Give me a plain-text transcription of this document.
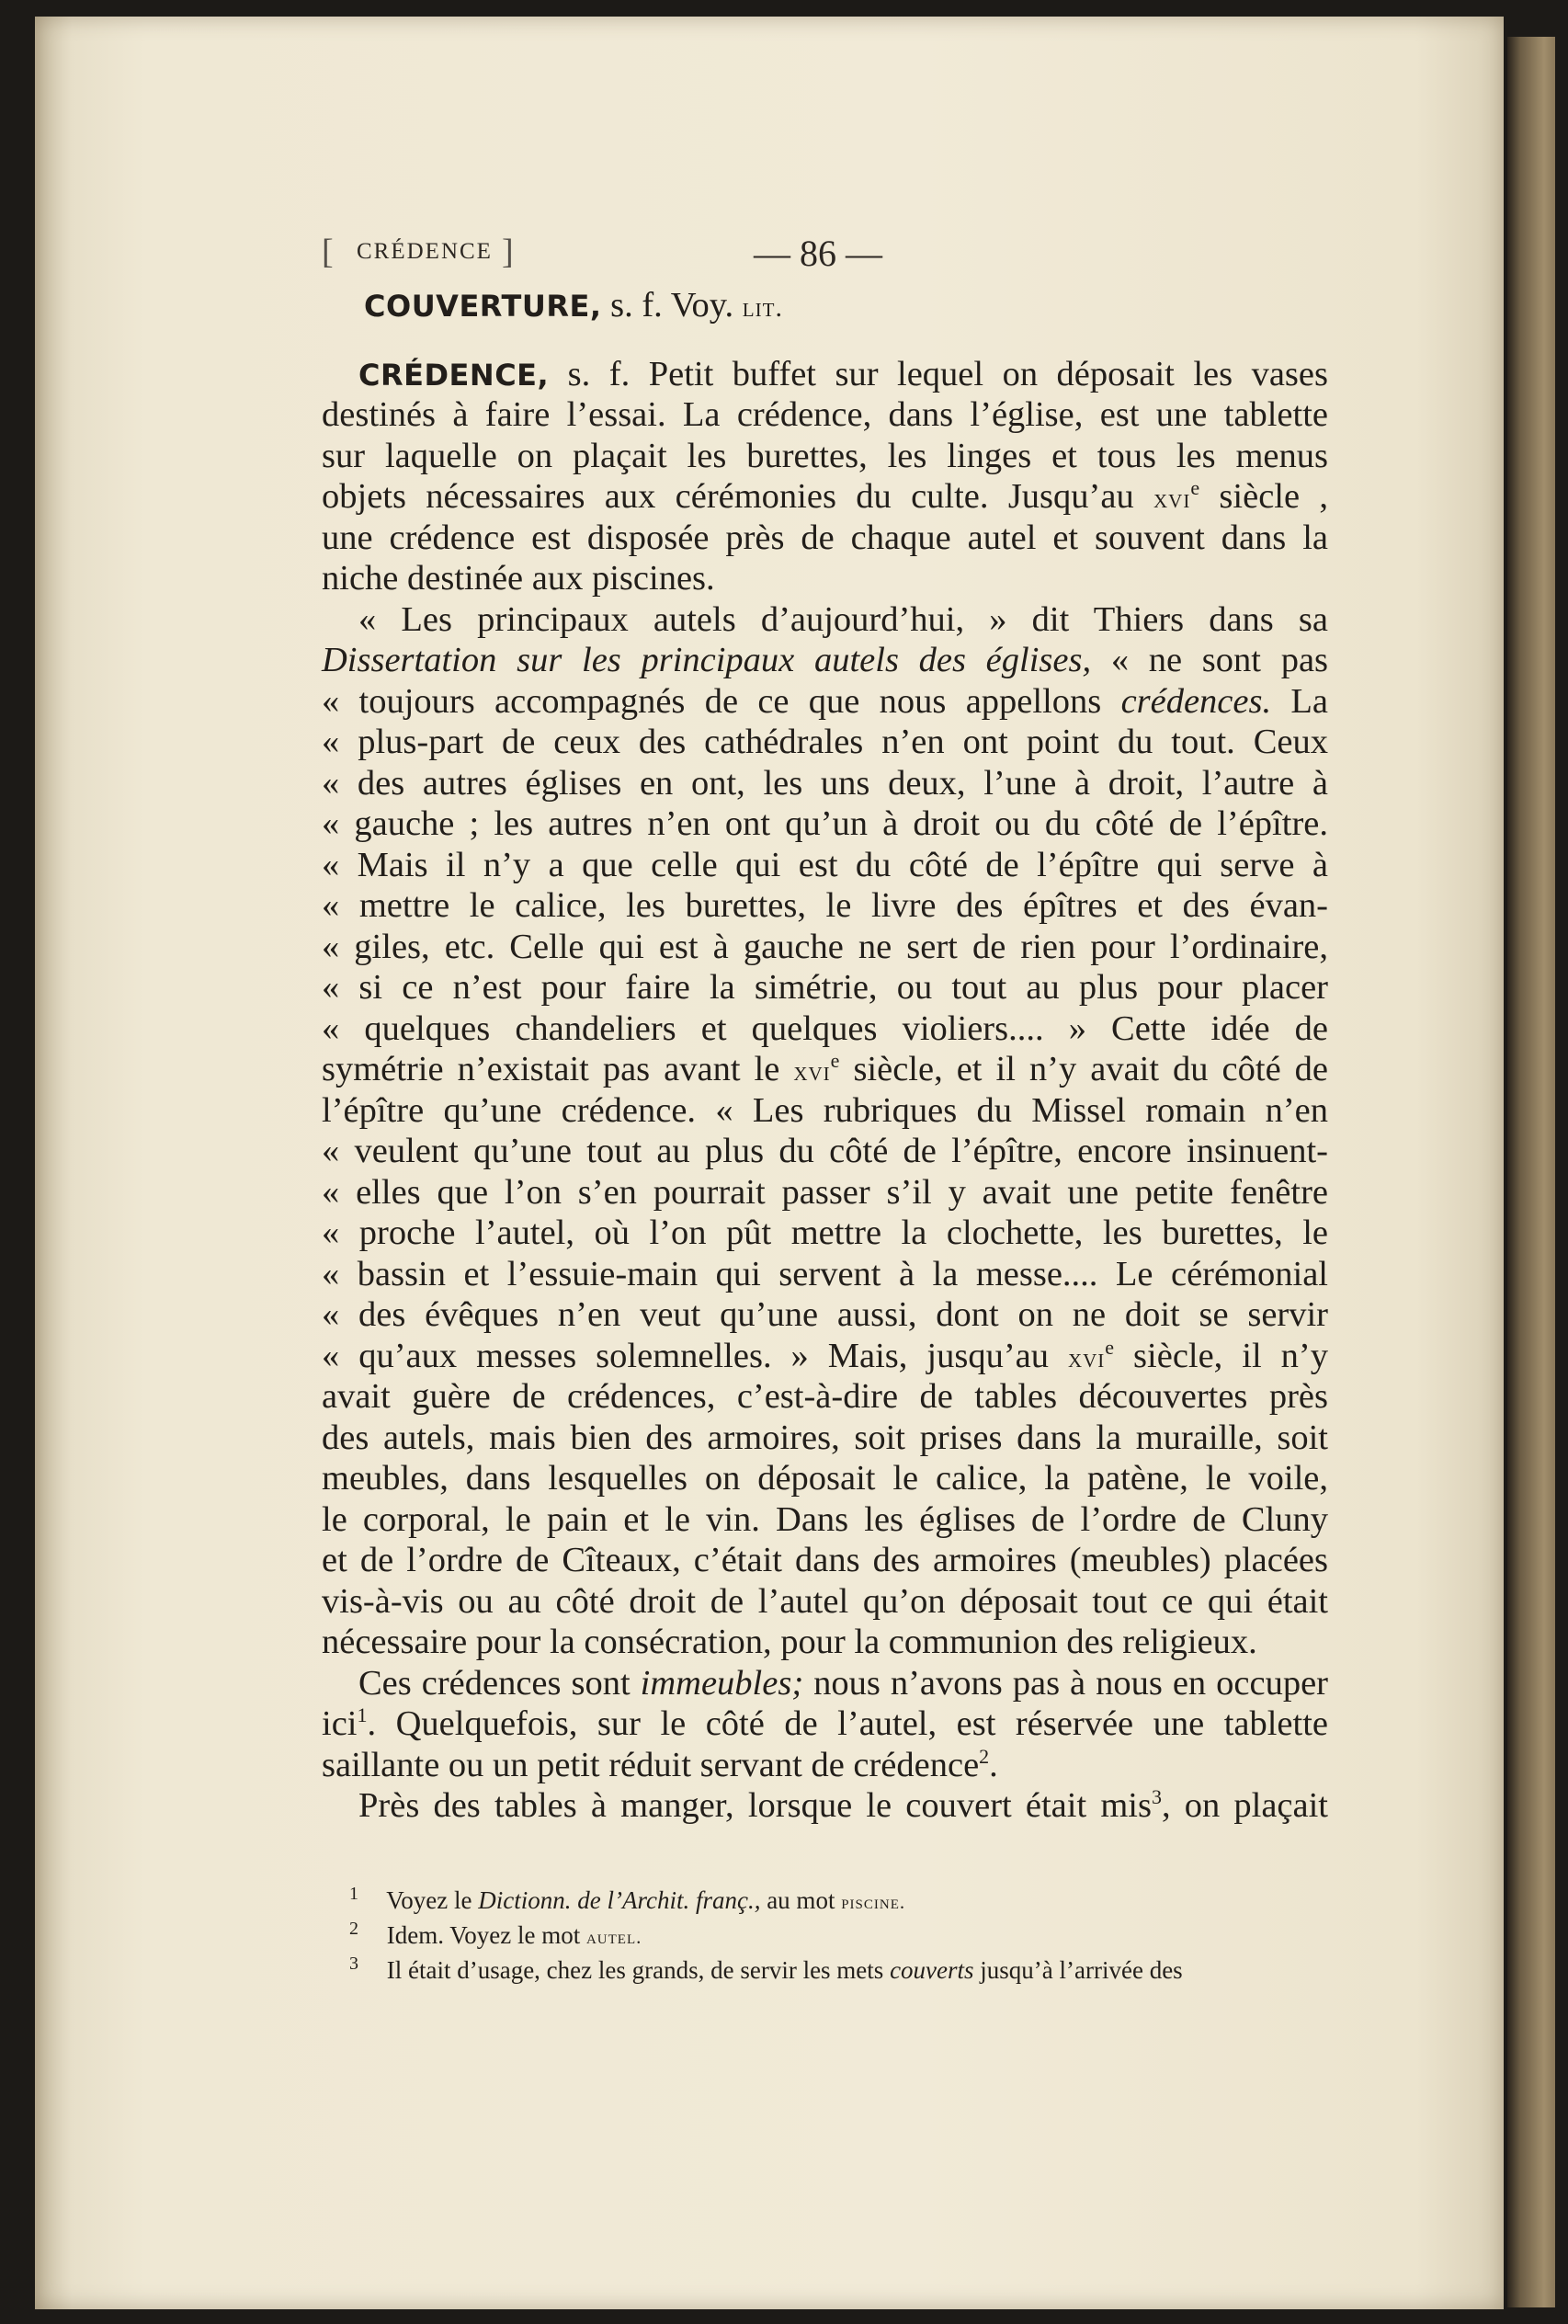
[ CRÉDENCE ]	— 86 —
COUVERTURE, s. f. Voy. lit.
CRÉDENCE, s. f. Petit buffet sur lequel on déposait les vases
destinés à faire l’essai. La crédence, dans l’église, est une tablette
sur laquelle on plaçait les burettes, les linges et tous les menus
objets nécessaires aux cérémonies du culte. Jusqu’au xvi$^e$ siècle ,
une crédence est disposée près de chaque autel et souvent dans la
niche destinée aux piscines.
« Les principaux autels d’aujourd’hui, » dit Thiers dans sa
Dissertation sur les principaux autels des églises, « ne sont pas
« toujours accompagnés de ce que nous appellons crédences. La
« plus-part de ceux des cathédrales n’en ont point du tout. Ceux
« des autres églises en ont, les uns deux, l’une à droit, l’autre à
« gauche ; les autres n’en ont qu’un à droit ou du côté de l’épître.
« Mais il n’y a que celle qui est du côté de l’épître qui serve à
« mettre le calice, les burettes, le livre des épîtres et des évan-
« giles, etc. Celle qui est à gauche ne sert de rien pour l’ordinaire,
« si ce n’est pour faire la simétrie, ou tout au plus pour placer
« quelques chandeliers et quelques violiers.... » Cette idée de
symétrie n’existait pas avant le xvi$^e$ siècle, et il n’y avait du côté de
l’épître qu’une crédence. « Les rubriques du Missel romain n’en
« veulent qu’une tout au plus du côté de l’épître, encore insinuent-
« elles que l’on s’en pourrait passer s’il y avait une petite fenêtre
« proche l’autel, où l’on pût mettre la clochette, les burettes, le
« bassin et l’essuie-main qui servent à la messe.... Le cérémonial
« des évêques n’en veut qu’une aussi, dont on ne doit se servir
« qu’aux messes solemnelles. » Mais, jusqu’au xvi$^e$ siècle, il n’y
avait guère de crédences, c’est-à-dire de tables découvertes près
des autels, mais bien des armoires, soit prises dans la muraille, soit
meubles, dans lesquelles on déposait le calice, la patène, le voile,
le corporal, le pain et le vin. Dans les églises de l’ordre de Cluny
et de l’ordre de Cîteaux, c’était dans des armoires (meubles) placées
vis-à-vis ou au côté droit de l’autel qu’on déposait tout ce qui était
nécessaire pour la consécration, pour la communion des religieux.
Ces crédences sont immeubles; nous n’avons pas à nous en occuper
ici$^1$. Quelquefois, sur le côté de l’autel, est réservée une tablette
saillante ou un petit réduit servant de crédence$^2$.
Près des tables à manger, lorsque le couvert était mis$^3$, on plaçait
1 Voyez le Dictionn. de l’Archit. franç., au mot piscine.
2 Idem. Voyez le mot autel.
3 Il était d’usage, chez les grands, de servir les mets couverts jusqu’à l’arrivée des
